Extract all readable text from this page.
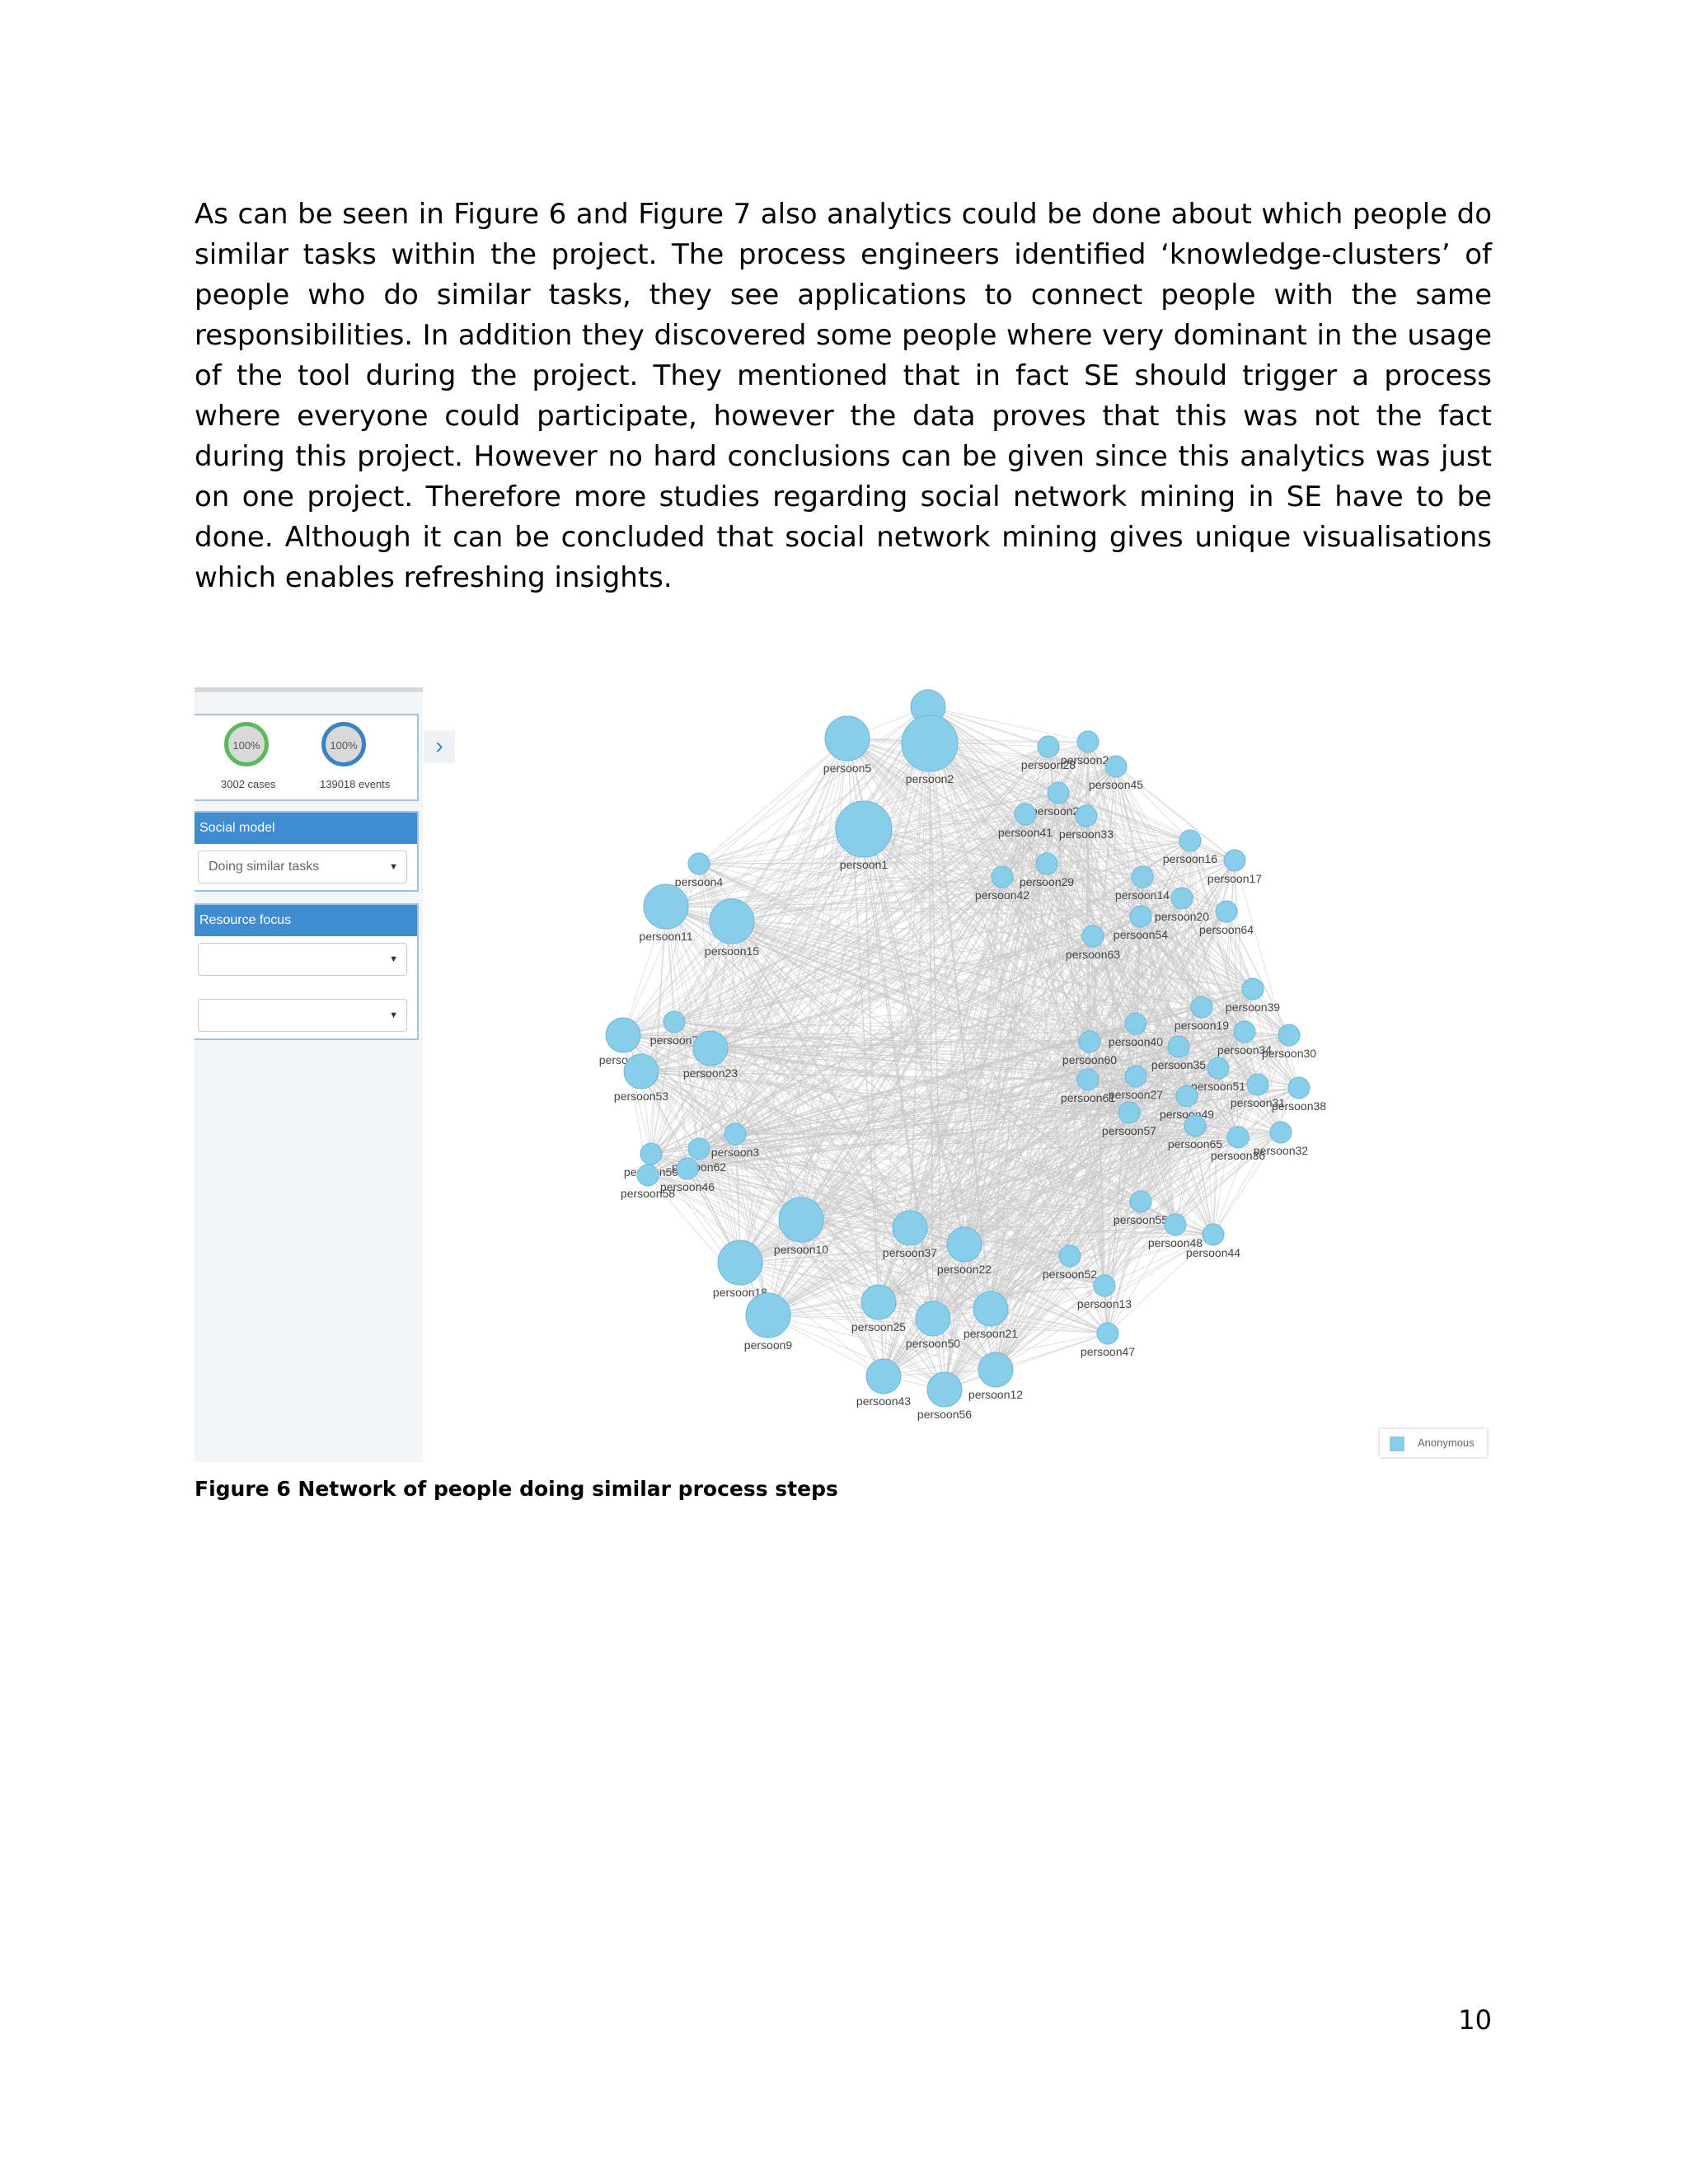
As can be seen in Figure 6 and Figure 7 also analytics could be done about which people do similar tasks within the project. The process engineers identified ‘knowledge-clusters’ of people who do similar tasks, they see applications to connect people with the same responsibilities. In addition they discovered some people where very dominant in the usage of the tool during the project. They mentioned that in fact SE should trigger a process where everyone could participate, however the data proves that this was not the fact during this project. However no hard conclusions can be given since this analytics was just on one project. Therefore more studies regarding social network mining in SE have to be done. Although it can be concluded that social network mining gives unique visualisations which enables refreshing insights.

100%
3002 cases
100%
139018 events
Social model
Doing similar tasks	▼
Resource focus
▼
▼
›
persoon5
persoon2
persoon1
persoon28
persoon26
persoon45
persoon24
persoon41 persoon33
persoon16
persoon17
persoon42
persoon29
persoon14
persoon20
persoon64
persoon54
persoon63
persoon4
persoon11
persoon15
persoon39
persoon19
persoon40
persoon34
persoon30
persoon60	persoon35
persoon8
persoon7
persoon23
persoon53	persoon61
persoon27
persoon51
persoon38
persoon31
persoon49
persoon57
persoon32
persoon65
persoon36
persoon3
persoon62
persoon46
persoon58
persoon10	persoon37
persoon22
persoon55
persoon48
persoon44
persoon18
persoon52
persoon13
persoon9
persoon25
persoon50
persoon21
persoon47
persoon43	persoon12
persoon56
Anonymous
Figure 6 Network of people doing similar process steps
10
